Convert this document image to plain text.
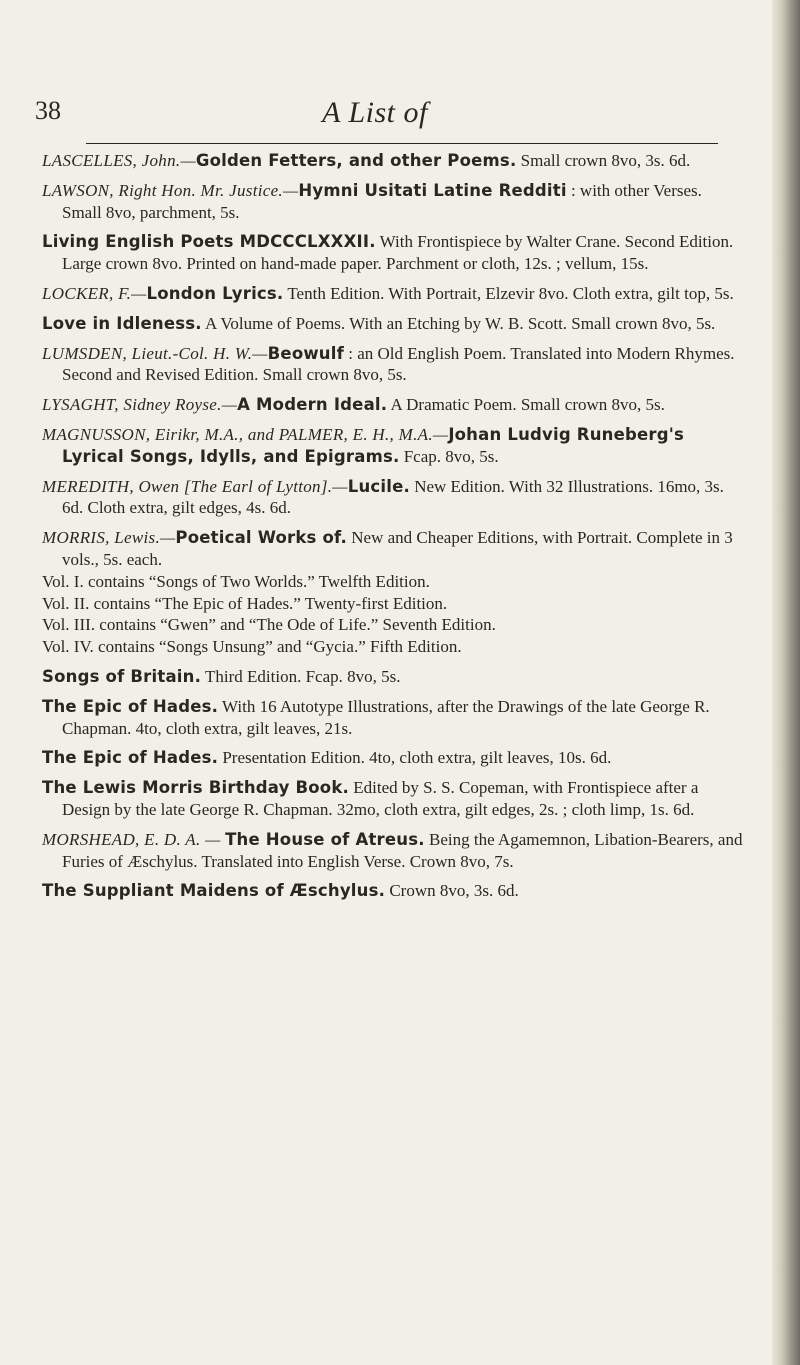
38	A List of

LASCELLES, John.—Golden Fetters, and other Poems. Small crown 8vo, 3s. 6d.

LAWSON, Right Hon. Mr. Justice.—Hymni Usitati Latine Redditi : with other Verses. Small 8vo, parchment, 5s.

Living English Poets MDCCCLXXXII. With Frontispiece by Walter Crane. Second Edition. Large crown 8vo. Printed on hand-made paper. Parchment or cloth, 12s. ; vellum, 15s.

LOCKER, F.—London Lyrics. Tenth Edition. With Portrait, Elzevir 8vo. Cloth extra, gilt top, 5s.

Love in Idleness. A Volume of Poems. With an Etching by W. B. Scott. Small crown 8vo, 5s.

LUMSDEN, Lieut.-Col. H. W.—Beowulf : an Old English Poem. Translated into Modern Rhymes. Second and Revised Edition. Small crown 8vo, 5s.

LYSAGHT, Sidney Royse.—A Modern Ideal. A Dramatic Poem. Small crown 8vo, 5s.

MAGNUSSON, Eirikr, M.A., and PALMER, E. H., M.A.—Johan Ludvig Runeberg's Lyrical Songs, Idylls, and Epigrams. Fcap. 8vo, 5s.

MEREDITH, Owen [The Earl of Lytton].—Lucile. New Edition. With 32 Illustrations. 16mo, 3s. 6d. Cloth extra, gilt edges, 4s. 6d.

MORRIS, Lewis.—Poetical Works of. New and Cheaper Editions, with Portrait. Complete in 3 vols., 5s. each.

Vol. I. contains “Songs of Two Worlds.” Twelfth Edition.

Vol. II. contains “The Epic of Hades.” Twenty-first Edition.

Vol. III. contains “Gwen” and “The Ode of Life.” Seventh Edition.

Vol. IV. contains “Songs Unsung” and “Gycia.” Fifth Edition.

Songs of Britain. Third Edition. Fcap. 8vo, 5s.

The Epic of Hades. With 16 Autotype Illustrations, after the Drawings of the late George R. Chapman. 4to, cloth extra, gilt leaves, 21s.

The Epic of Hades. Presentation Edition. 4to, cloth extra, gilt leaves, 10s. 6d.

The Lewis Morris Birthday Book. Edited by S. S. Copeman, with Frontispiece after a Design by the late George R. Chapman. 32mo, cloth extra, gilt edges, 2s. ; cloth limp, 1s. 6d.

MORSHEAD, E. D. A. — The House of Atreus. Being the Agamemnon, Libation-Bearers, and Furies of Æschylus. Translated into English Verse. Crown 8vo, 7s.

The Suppliant Maidens of Æschylus. Crown 8vo, 3s. 6d.
